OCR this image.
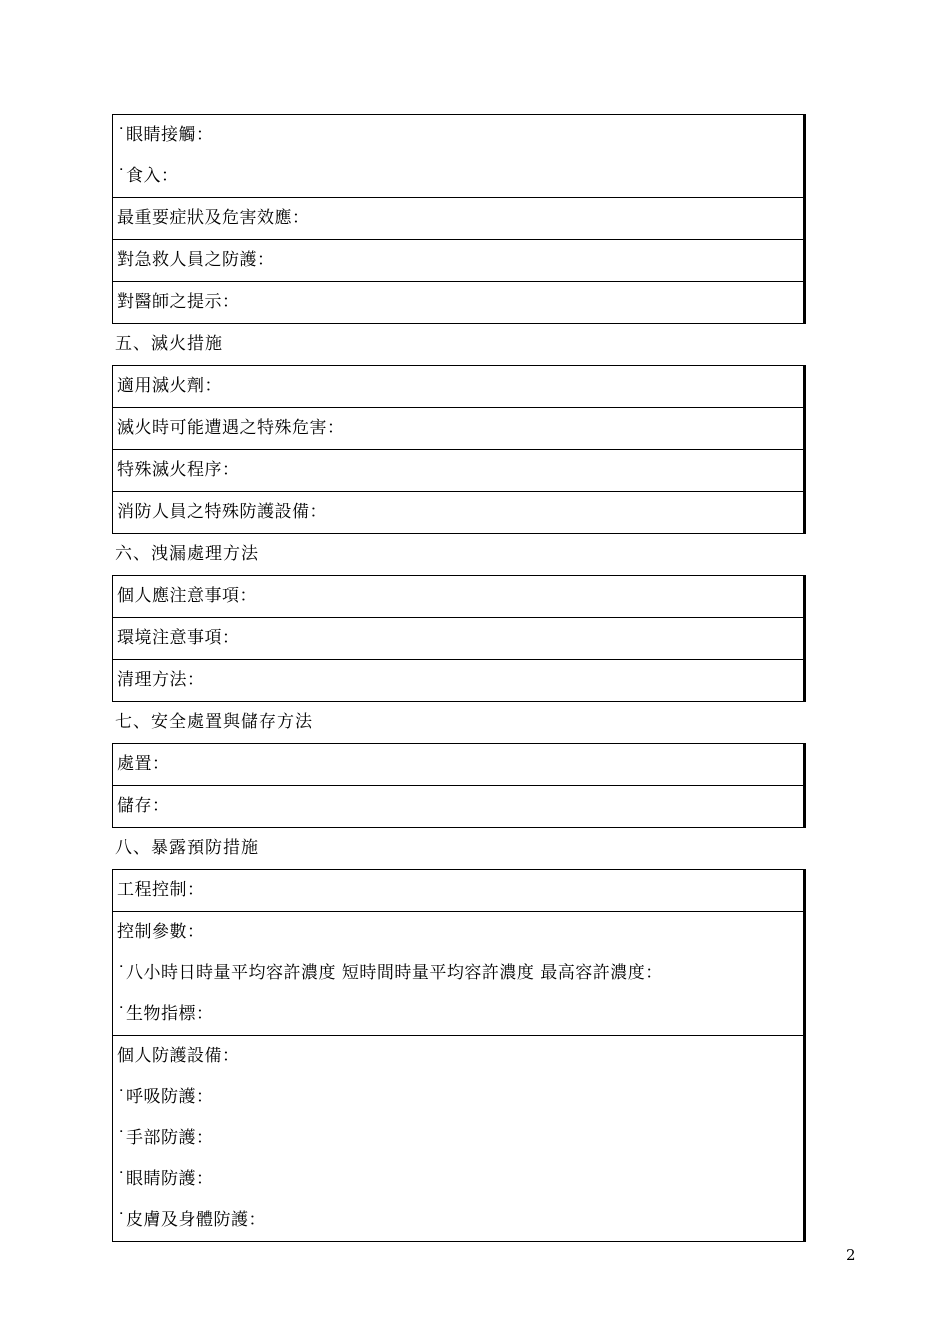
˙眼睛接觸：
˙食入：
最重要症狀及危害效應：
對急救人員之防護：
對醫師之提示：
五、滅火措施
適用滅火劑：
滅火時可能遭遇之特殊危害：
特殊滅火程序：
消防人員之特殊防護設備：
六、洩漏處理方法
個人應注意事項：
環境注意事項：
清理方法：
七、安全處置與儲存方法
處置：
儲存：
八、暴露預防措施
工程控制：
控制參數：
˙八小時日時量平均容許濃度 短時間時量平均容許濃度 最高容許濃度：
˙生物指標：
個人防護設備：
˙呼吸防護：
˙手部防護：
˙眼睛防護：
˙皮膚及身體防護：
2
